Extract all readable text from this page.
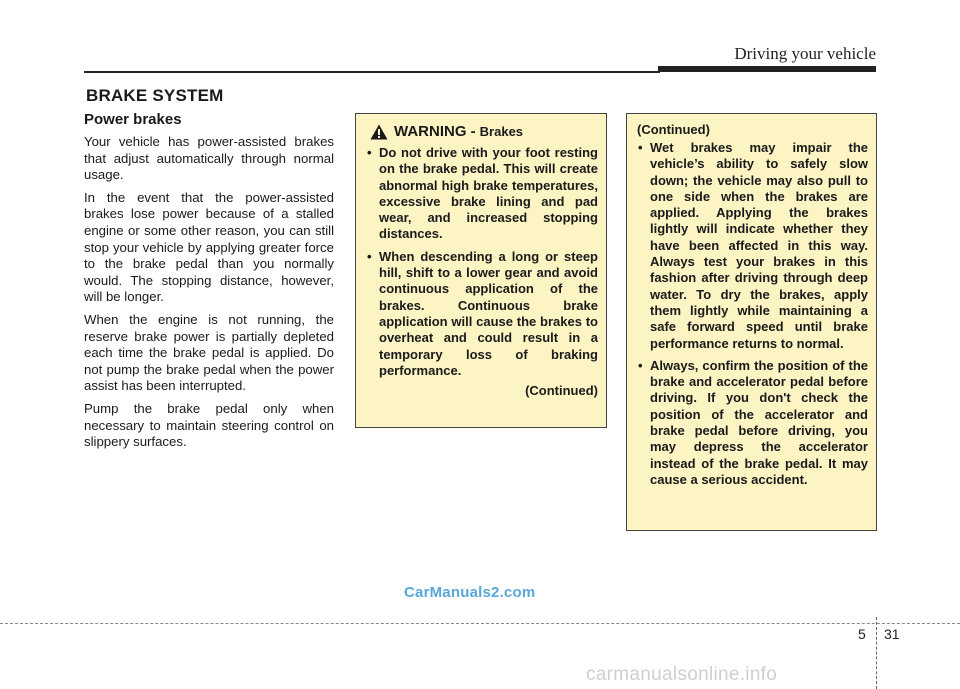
Driving your vehicle
BRAKE SYSTEM
Power brakes

Your vehicle has power-assisted brakes that adjust automatically through normal usage.

In the event that the power-assisted brakes lose power because of a stalled engine or some other reason, you can still stop your vehicle by applying greater force to the brake pedal than you normally would. The stopping distance, however, will be longer.

When the engine is not running, the reserve brake power is partially depleted each time the brake pedal is applied. Do not pump the brake pedal when the power assist has been interrupted.

Pump the brake pedal only when necessary to maintain steering control on slippery surfaces.

WARNING - Brakes
• Do not drive with your foot resting on the brake pedal. This will create abnormal high brake temperatures, excessive brake lining and pad wear, and increased stopping distances.
• When descending a long or steep hill, shift to a lower gear and avoid continuous application of the brakes. Continuous brake application will cause the brakes to overheat and could result in a temporary loss of braking performance.
(Continued)
(Continued)
• Wet brakes may impair the vehicle’s ability to safely slow down; the vehicle may also pull to one side when the brakes are applied. Applying the brakes lightly will indicate whether they have been affected in this way. Always test your brakes in this fashion after driving through deep water. To dry the brakes, apply them lightly while maintaining a safe forward speed until brake performance returns to normal.
• Always, confirm the position of the brake and accelerator pedal before driving. If you don't check the position of the accelerator and brake pedal before driving, you may depress the accelerator instead of the brake pedal. It may cause a serious accident.
CarManuals2.com
5 31
carmanualsonline.info
